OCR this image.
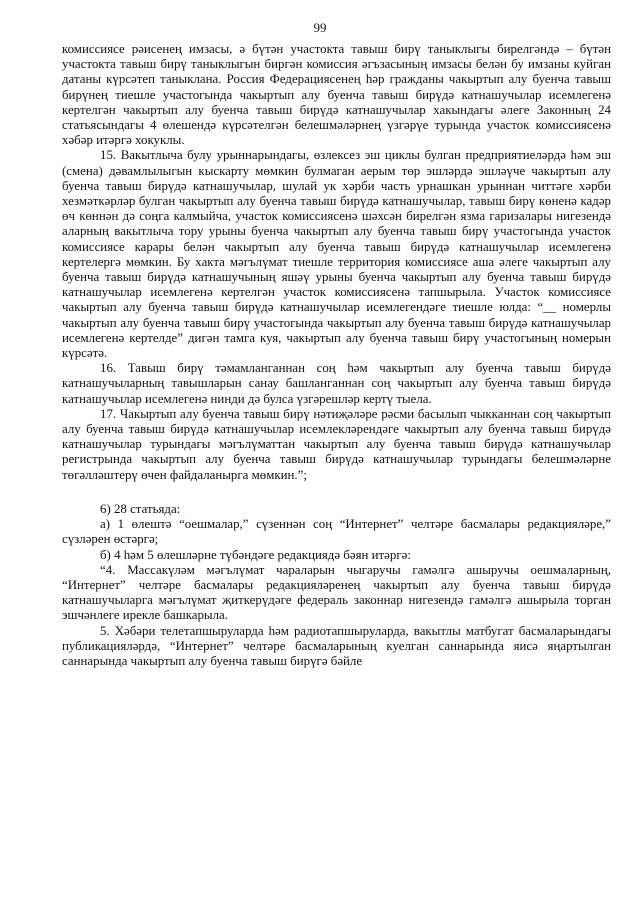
99

комиссиясе рәисенең имзасы, ә бүтән участокта тавыш бирү таныклыгы бирелгәндә – бүтән участокта тавыш бирү таныклыгын биргән комиссия әгъзасының имзасы белән бу имзаны куйган датаны күрсәтеп таныклана. Россия Федерациясенең һәр гражданы чакыртып алу буенча тавыш бирүнең тиешле участогында чакыртып алу буенча тавыш бирүдә катнашучылар исемлегенә кертелгән чакыртып алу буенча тавыш бирүдә катнашучылар хакындагы әлеге Законның 24 статьясындагы 4 өлешендә күрсәтелгән белешмәләрнең үзгәрүе турында участок комиссиясенә хәбәр итәргә хокуклы.

15. Вакытлыча булу урыннарындагы, өзлексез эш циклы булган предприятиеләрдә һәм эш (смена) дәвамлылыгын кыскарту мөмкин булмаган аерым төр эшләрдә эшләүче чакыртып алу буенча тавыш бирүдә катнашучылар, шулай ук хәрби часть урнашкан урыннан читтәге хәрби хезмәткәрләр булган чакыртып алу буенча тавыш бирүдә катнашучылар, тавыш бирү көненә кадәр өч көннән дә соңга калмыйча, участок комиссиясенә шәхсән бирелгән язма гаризалары нигезендә аларның вакытлыча тору урыны буенча чакыртып алу буенча тавыш бирү участогында участок комиссиясе карары белән чакыртып алу буенча тавыш бирүдә катнашучылар исемлегенә кертелергә мөмкин. Бу хакта мәгълүмат тиешле территория комиссиясе аша әлеге чакыртып алу буенча тавыш бирүдә катнашучының яшәү урыны буенча чакыртып алу буенча тавыш бирүдә катнашучылар исемлегенә кертелгән участок комиссиясенә тапшырыла. Участок комиссиясе чакыртып алу буенча тавыш бирүдә катнашучылар исемлегендәге тиешле юлда: “__ номерлы чакыртып алу буенча тавыш бирү участогында чакыртып алу буенча тавыш бирүдә катнашучылар исемлегенә кертелде” дигән тамга куя, чакыртып алу буенча тавыш бирү участогының номерын күрсәтә.

16. Тавыш бирү тәмамланганнан соң һәм чакыртып алу буенча тавыш бирүдә катнашучыларның тавышларын санау башланганнан соң чакыртып алу буенча тавыш бирүдә катнашучылар исемлегенә нинди дә булса үзгәрешләр кертү тыела.

17. Чакыртып алу буенча тавыш бирү нәтиҗәләре рәсми басылып чыкканнан соң чакыртып алу буенча тавыш бирүдә катнашучылар исемлекләрендәге чакыртып алу буенча тавыш бирүдә катнашучылар турындагы мәгълүматтан чакыртып алу буенча тавыш бирүдә катнашучылар регистрында чакыртып алу буенча тавыш бирүдә катнашучылар турындагы белешмәләрне төгәлләштерү өчен файдаланырга мөмкин.”;

6) 28 статьяда:

а) 1 өлештә “оешмалар,” сүзеннән соң “Интернет” челтәре басмалары редакцияләре,” сүзләрен өстәргә;

б) 4 һәм 5 өлешләрне түбәндәге редакциядә бәян итәргә:

“4. Массакүләм мәгълүмат чараларын чыгаручы гамәлгә ашыручы оешмаларның, “Интернет” челтәре басмалары редакцияләренең чакыртып алу буенча тавыш бирүдә катнашучыларга мәгълүмат җиткерүдәге федераль законнар нигезендә гамәлгә ашырыла торган эшчәнлеге ирекле башкарыла.

5. Хәбәри телетапшыруларда һәм радиотапшыруларда, вакытлы матбугат басмаларындагы публикацияләрдә, “Интернет” челтәре басмаларының куелган саннарында яисә яңартылган саннарында чакыртып алу буенча тавыш бирүгә бәйле
